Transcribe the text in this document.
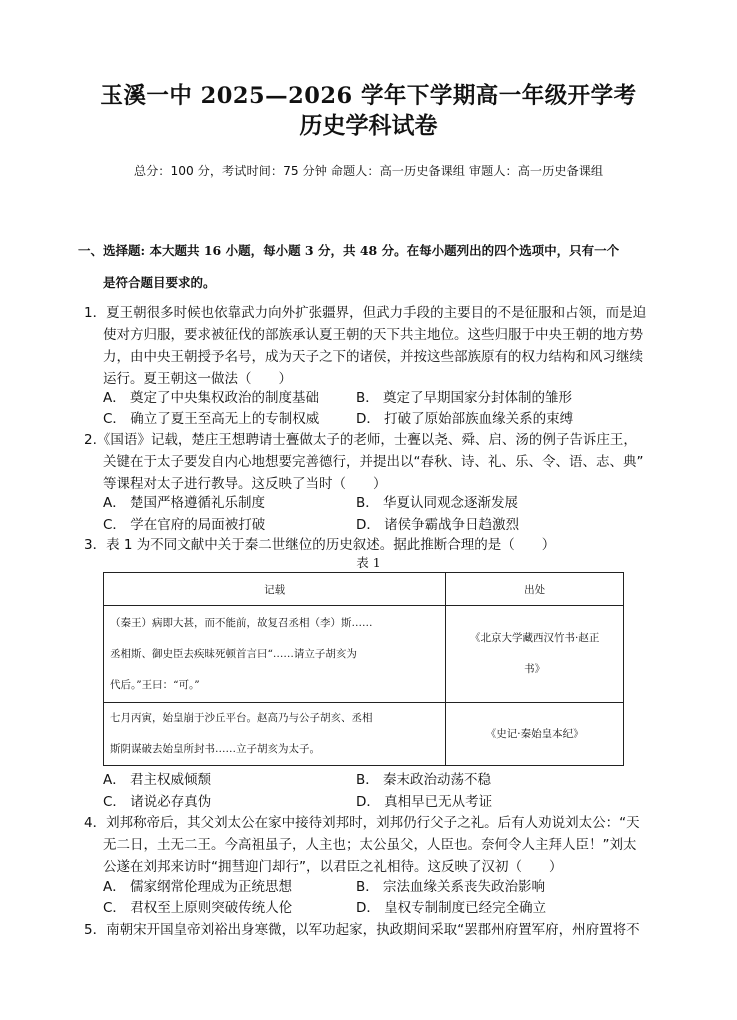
玉溪一中 2025—2026 学年下学期高一年级开学考
历史学科试卷
总分：100 分，考试时间：75 分钟 命题人：高一历史备课组 审题人：高一历史备课组
一、选择题: 本大题共 16 小题，每小题 3 分，共 48 分。在每小题列出的四个选项中，只有一个
是符合题目要求的。
1．夏王朝很多时候也依靠武力向外扩张疆界，但武力手段的主要目的不是征服和占领，而是迫
使对方归服，要求被征伐的部族承认夏王朝的天下共主地位。这些归服于中央王朝的地方势
力，由中央王朝授予名号，成为天子之下的诸侯，并按这些部族原有的权力结构和风习继续
运行。夏王朝这一做法（　　）
A． 奠定了中央集权政治的制度基础	B． 奠定了早期国家分封体制的雏形
C． 确立了夏王至高无上的专制权威	D． 打破了原始部族血缘关系的束缚
2.《国语》记载，楚庄王想聘请士亹做太子的老师，士亹以尧、舜、启、汤的例子告诉庄王，
关键在于太子要发自内心地想要完善德行，并提出以“春秋、诗、礼、乐、令、语、志、典”
等课程对太子进行教导。这反映了当时（　　）
A． 楚国严格遵循礼乐制度	B． 华夏认同观念逐渐发展
C． 学在官府的局面被打破	D． 诸侯争霸战争日趋激烈
3．表 1 为不同文献中关于秦二世继位的历史叙述。据此推断合理的是（　　）
表 1
记载	出处

（秦王）病即大甚，而不能前，故复召丞相（李）斯……
丞相斯、御史臣去疾昧死顿首言曰“……请立子胡亥为
代后。”王曰：“可。”	《北京大学藏西汉竹书·赵正
书》

七月丙寅，始皇崩于沙丘平台。赵高乃与公子胡亥、丞相
斯阴谋破去始皇所封书……立子胡亥为太子。	《史记·秦始皇本纪》
A． 君主权威倾颓	B． 秦末政治动荡不稳
C． 诸说必存真伪	D． 真相早已无从考证
4．刘邦称帝后，其父刘太公在家中接待刘邦时，刘邦仍行父子之礼。后有人劝说刘太公：“天
无二日，土无二王。今高祖虽子，人主也；太公虽父，人臣也。奈何令人主拜人臣！”刘太
公遂在刘邦来访时“拥彗迎门却行”，以君臣之礼相待。这反映了汉初（　　）
A． 儒家纲常伦理成为正统思想	B． 宗法血缘关系丧失政治影响
C． 君权至上原则突破传统人伦	D． 皇权专制制度已经完全确立
5．南朝宋开国皇帝刘裕出身寒微，以军功起家，执政期间采取“罢郡州府置军府，州府置将不
